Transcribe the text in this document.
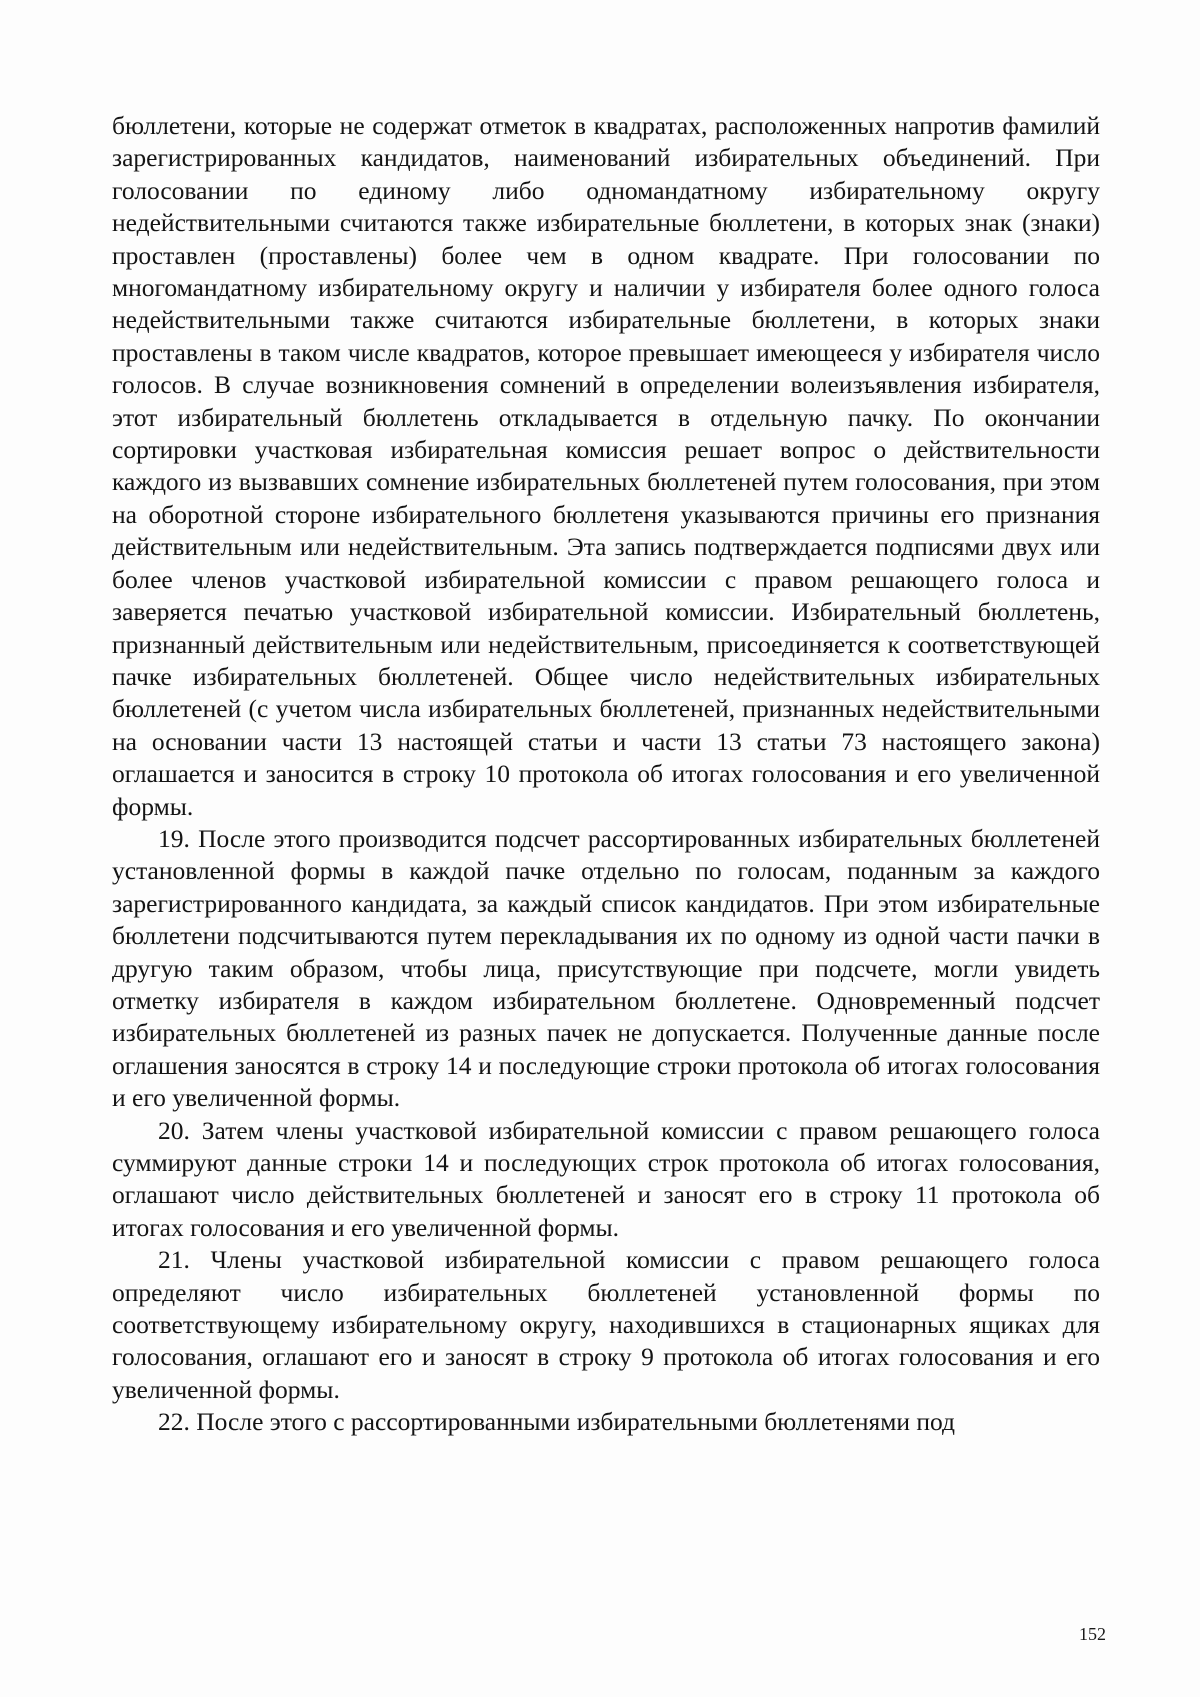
бюллетени, которые не содержат отметок в квадратах, расположенных напротив фамилий зарегистрированных кандидатов, наименований избирательных объединений. При голосовании по единому либо одномандатному избирательному округу недействительными считаются также избирательные бюллетени, в которых знак (знаки) проставлен (проставлены) более чем в одном квадрате. При голосовании по многомандатному избирательному округу и наличии у избирателя более одного голоса недействительными также считаются избирательные бюллетени, в которых знаки проставлены в таком числе квадратов, которое превышает имеющееся у избирателя число голосов. В случае возникновения сомнений в определении волеизъявления избирателя, этот избирательный бюллетень откладывается в отдельную пачку. По окончании сортировки участковая избирательная комиссия решает вопрос о действительности каждого из вызвавших сомнение избирательных бюллетеней путем голосования, при этом на оборотной стороне избирательного бюллетеня указываются причины его признания действительным или недействительным. Эта запись подтверждается подписями двух или более членов участковой избирательной комиссии с правом решающего голоса и заверяется печатью участковой избирательной комиссии. Избирательный бюллетень, признанный действительным или недействительным, присоединяется к соответствующей пачке избирательных бюллетеней. Общее число недействительных избирательных бюллетеней (с учетом числа избирательных бюллетеней, признанных недействительными на основании части 13 настоящей статьи и части 13 статьи 73 настоящего закона) оглашается и заносится в строку 10 протокола об итогах голосования и его увеличенной формы.

19. После этого производится подсчет рассортированных избирательных бюллетеней установленной формы в каждой пачке отдельно по голосам, поданным за каждого зарегистрированного кандидата, за каждый список кандидатов. При этом избирательные бюллетени подсчитываются путем перекладывания их по одному из одной части пачки в другую таким образом, чтобы лица, присутствующие при подсчете, могли увидеть отметку избирателя в каждом избирательном бюллетене. Одновременный подсчет избирательных бюллетеней из разных пачек не допускается. Полученные данные после оглашения заносятся в строку 14 и последующие строки протокола об итогах голосования и его увеличенной формы.

20. Затем члены участковой избирательной комиссии с правом решающего голоса суммируют данные строки 14 и последующих строк протокола об итогах голосования, оглашают число действительных бюллетеней и заносят его в строку 11 протокола об итогах голосования и его увеличенной формы.

21. Члены участковой избирательной комиссии с правом решающего голоса определяют число избирательных бюллетеней установленной формы по соответствующему избирательному округу, находившихся в стационарных ящиках для голосования, оглашают его и заносят в строку 9 протокола об итогах голосования и его увеличенной формы.

22. После этого с рассортированными избирательными бюллетенями под

152
